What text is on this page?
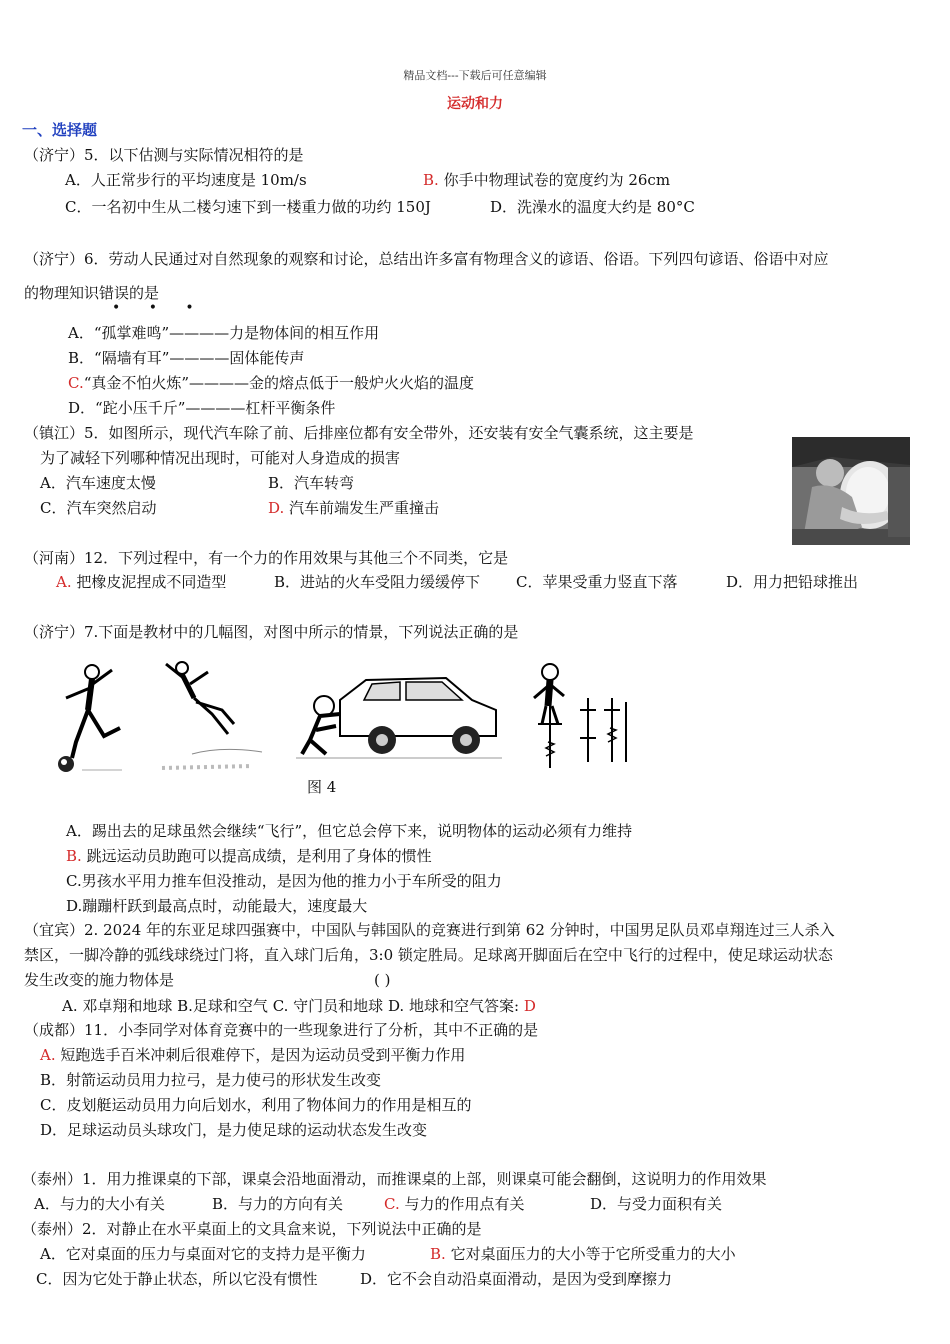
精品文档---下载后可任意编辑
运动和力
一、选择题
（济宁）5．以下估测与实际情况相符的是
A．人正常步行的平均速度是 10m/s	B. 你手中物理试卷的宽度约为 26cm
C．一名初中生从二楼匀速下到一楼重力做的功约 150J	D．洗澡水的温度大约是 80°C
（济宁）6．劳动人民通过对自然现象的观察和讨论，总结出许多富有物理含义的谚语、俗语。下列四句谚语、俗语中对应
的物理知识错误的是
• • •
A．“孤掌难鸣”————力是物体间的相互作用
B．“隔墙有耳”————固体能传声
C.“真金不怕火炼”————金的熔点低于一般炉火火焰的温度
D．“跎小压千斤”————杠杆平衡条件
（镇江）5．如图所示，现代汽车除了前、后排座位都有安全带外，还安装有安全气囊系统，这主要是
为了减轻下列哪种情况出现时，可能对人身造成的损害
A．汽车速度太慢	B．汽车转弯
C．汽车突然启动	D. 汽车前端发生严重撞击
（河南）12．下列过程中，有一个力的作用效果与其他三个不同类，它是
A. 把橡皮泥捏成不同造型	B．进站的火车受阻力缓缓停下 C．苹果受重力竖直下落	D．用力把铅球推出
（济宁）7.下面是教材中的几幅图，对图中所示的情景，下列说法正确的是
图 4
A．踢出去的足球虽然会继续“飞行”，但它总会停下来，说明物体的运动必须有力维持
B. 跳远运动员助跑可以提高成绩，是利用了身体的惯性
C.男孩水平用力推车但没推动，是因为他的推力小于车所受的阻力
D.蹦蹦杆跃到最高点时，动能最大，速度最大
（宜宾）2. 2024 年的东亚足球四强赛中，中国队与韩国队的竞赛进行到第 62 分钟时，中国男足队员邓卓翔连过三人杀入
禁区，一脚冷静的弧线球绕过门将，直入球门后角，3:0 锁定胜局。足球离开脚面后在空中飞行的过程中，使足球运动状态
发生改变的施力物体是	( )
A. 邓卓翔和地球 B.足球和空气 C. 守门员和地球 D. 地球和空气答案: D
（成都）11．小李同学对体育竞赛中的一些现象进行了分析，其中不正确的是
A. 短跑选手百米冲刺后很难停下，是因为运动员受到平衡力作用
B．射箭运动员用力拉弓，是力使弓的形状发生改变
C．皮划艇运动员用力向后划水，利用了物体间力的作用是相互的
D．足球运动员头球攻门，是力使足球的运动状态发生改变
（泰州）1．用力推课桌的下部，课桌会沿地面滑动，而推课桌的上部，则课桌可能会翻倒，这说明力的作用效果
A．与力的大小有关	B．与力的方向有关	C. 与力的作用点有关	D．与受力面积有关
（泰州）2．对静止在水平桌面上的文具盒来说，下列说法中正确的是
A．它对桌面的压力与桌面对它的支持力是平衡力	B. 它对桌面压力的大小等于它所受重力的大小
C．因为它处于静止状态，所以它没有惯性	D．它不会自动沿桌面滑动，是因为受到摩擦力
